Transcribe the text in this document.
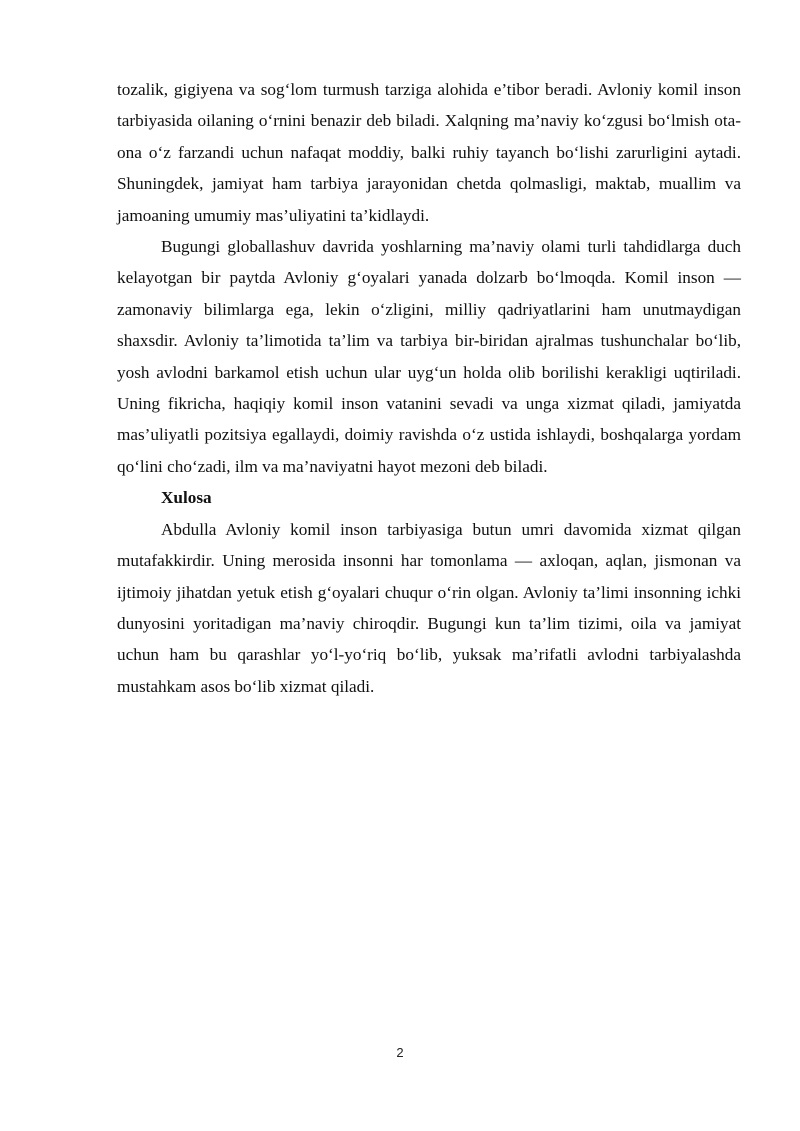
tozalik, gigiyena va sog‘lom turmush tarziga alohida e’tibor beradi. Avloniy komil inson tarbiyasida oilaning o‘rnini benazir deb biladi. Xalqning ma’naviy ko‘zgusi bo‘lmish ota-ona o‘z farzandi uchun nafaqat moddiy, balki ruhiy tayanch bo‘lishi zarurligini aytadi. Shuningdek, jamiyat ham tarbiya jarayonidan chetda qolmasligi, maktab, muallim va jamoaning umumiy mas’uliyatini ta’kidlaydi.

Bugungi globallashuv davrida yoshlarning ma’naviy olami turli tahdidlarga duch kelayotgan bir paytda Avloniy g‘oyalari yanada dolzarb bo‘lmoqda. Komil inson — zamonaviy bilimlarga ega, lekin o‘zligini, milliy qadriyatlarini ham unutmaydigan shaxsdir. Avloniy ta’limotida ta’lim va tarbiya bir-biridan ajralmas tushunchalar bo‘lib, yosh avlodni barkamol etish uchun ular uyg‘un holda olib borilishi kerakligi uqtiriladi. Uning fikricha, haqiqiy komil inson vatanini sevadi va unga xizmat qiladi, jamiyatda mas’uliyatli pozitsiya egallaydi, doimiy ravishda o‘z ustida ishlaydi, boshqalarga yordam qo‘lini cho‘zadi, ilm va ma’naviyatni hayot mezoni deb biladi.

Xulosa

Abdulla Avloniy komil inson tarbiyasiga butun umri davomida xizmat qilgan mutafakkirdir. Uning merosida insonni har tomonlama — axloqan, aqlan, jismonan va ijtimoiy jihatdan yetuk etish g‘oyalari chuqur o‘rin olgan. Avloniy ta’limi insonning ichki dunyosini yoritadigan ma’naviy chiroqdir. Bugungi kun ta’lim tizimi, oila va jamiyat uchun ham bu qarashlar yo‘l-yo‘riq bo‘lib, yuksak ma’rifatli avlodni tarbiyalashda mustahkam asos bo‘lib xizmat qiladi.

2
